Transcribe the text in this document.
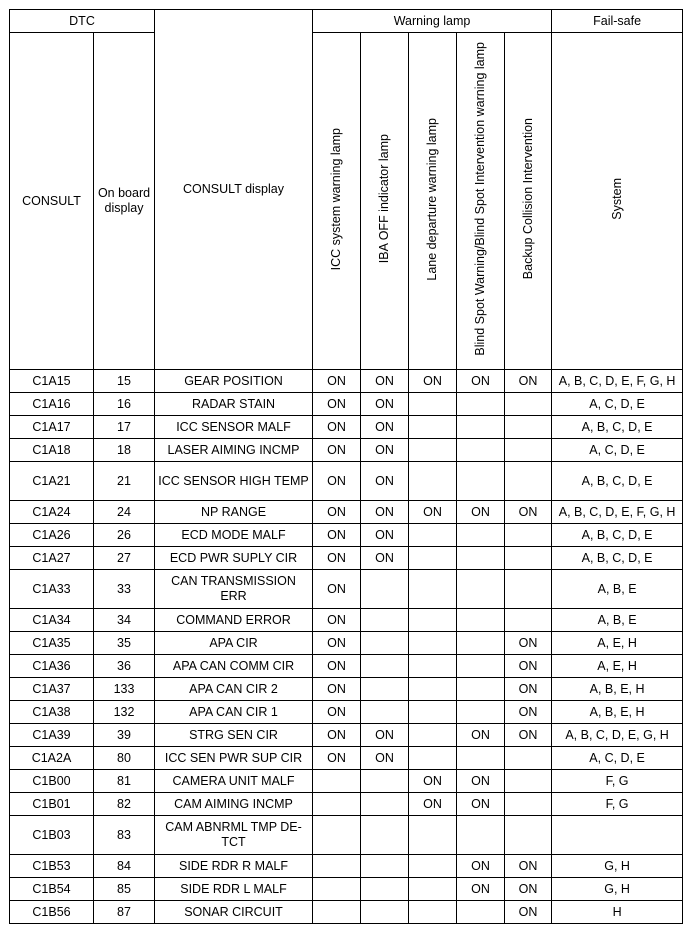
DTC		CONSULT display	Warning lamp					Fail-safe
CONSULT	On board display		ICC system warning lamp	IBA OFF indicator lamp	Lane departure warning lamp	Blind Spot Warning/Blind Spot Intervention warning lamp	Backup Collision Intervention	System
C1A15	15	GEAR POSITION	ON	ON	ON	ON	ON	A, B, C, D, E, F, G, H
C1A16	16	RADAR STAIN	ON	ON				A, C, D, E
C1A17	17	ICC SENSOR MALF	ON	ON				A, B, C, D, E
C1A18	18	LASER AIMING INCMP	ON	ON				A, C, D, E
C1A21	21	ICC SENSOR HIGH TEMP	ON	ON				A, B, C, D, E
C1A24	24	NP RANGE	ON	ON	ON	ON	ON	A, B, C, D, E, F, G, H
C1A26	26	ECD MODE MALF	ON	ON				A, B, C, D, E
C1A27	27	ECD PWR SUPLY CIR	ON	ON				A, B, C, D, E
C1A33	33	CAN TRANSMISSION ERR	ON					A, B, E
C1A34	34	COMMAND ERROR	ON					A, B, E
C1A35	35	APA CIR	ON				ON	A, E, H
C1A36	36	APA CAN COMM CIR	ON				ON	A, E, H
C1A37	133	APA CAN CIR 2	ON				ON	A, B, E, H
C1A38	132	APA CAN CIR 1	ON				ON	A, B, E, H
C1A39	39	STRG SEN CIR	ON	ON		ON	ON	A, B, C, D, E, G, H
C1A2A	80	ICC SEN PWR SUP CIR	ON	ON				A, C, D, E
C1B00	81	CAMERA UNIT MALF			ON	ON		F, G
C1B01	82	CAM AIMING INCMP			ON	ON		F, G
C1B03	83	CAM ABNRML TMP DE-TCT						
C1B53	84	SIDE RDR R MALF				ON	ON	G, H
C1B54	85	SIDE RDR L MALF				ON	ON	G, H
C1B56	87	SONAR CIRCUIT					ON	H
